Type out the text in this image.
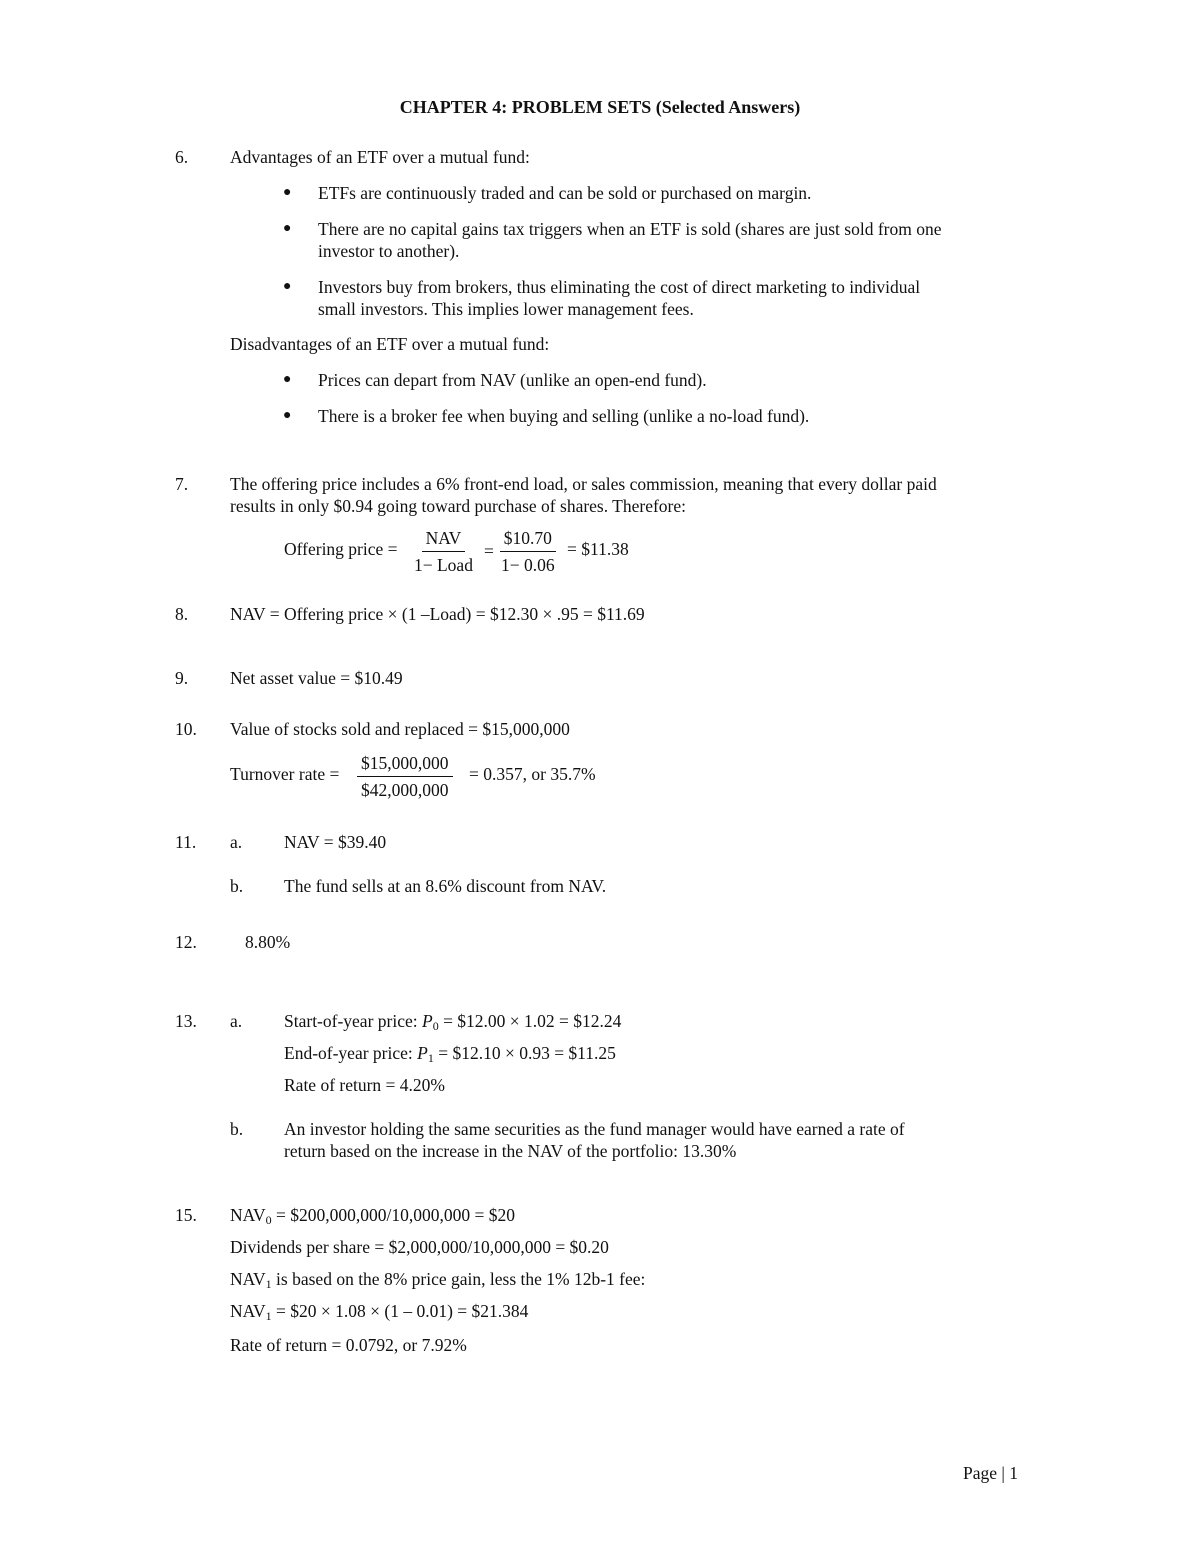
CHAPTER 4: PROBLEM SETS (Selected Answers)
6. Advantages of an ETF over a mutual fund:
● ETFs are continuously traded and can be sold or purchased on margin.
● There are no capital gains tax triggers when an ETF is sold (shares are just sold from one
investor to another).
● Investors buy from brokers, thus eliminating the cost of direct marketing to individual
small investors. This implies lower management fees.
Disadvantages of an ETF over a mutual fund:
● Prices can depart from NAV (unlike an open-end fund).
● There is a broker fee when buying and selling (unlike a no-load fund).
7. The offering price includes a 6% front-end load, or sales commission, meaning that every dollar paid
results in only $0.94 going toward purchase of shares. Therefore:
Offering price =
NAV
1− Load
= $\frac{\$10.70}{1- 0.06}$ = $11.38
8. NAV = Offering price × (1 –Load) = $12.30 × .95 = $11.69
9. Net asset value = $10.49
10. Value of stocks sold and replaced = $15,000,000
Turnover rate = $\frac{\$15,000,000}{\$42,000,000} = 0.357$, or 35.7%
11. a. NAV = $39.40
b. The fund sells at an 8.6% discount from NAV.
12.	8.80%
13. a. Start-of-year price: $P_0$ = $12.00 × 1.02 = $12.24
End-of-year price: $P_1$ = $12.10 × 0.93 = $11.25
Rate of return = 4.20%
b. An investor holding the same securities as the fund manager would have earned a rate of
return based on the increase in the NAV of the portfolio: 13.30%
15. $NAV_0$ = $200,000,000/10,000,000 = $20
Dividends per share = $2,000,000/10,000,000 = $0.20
$NAV_1$ is based on the 8% price gain, less the 1% 12b-1 fee:
$NAV_1$ = $20 × 1.08 × (1 – 0.01) = $21.384
Rate of return = 0.0792, or 7.92%
Page | 1
